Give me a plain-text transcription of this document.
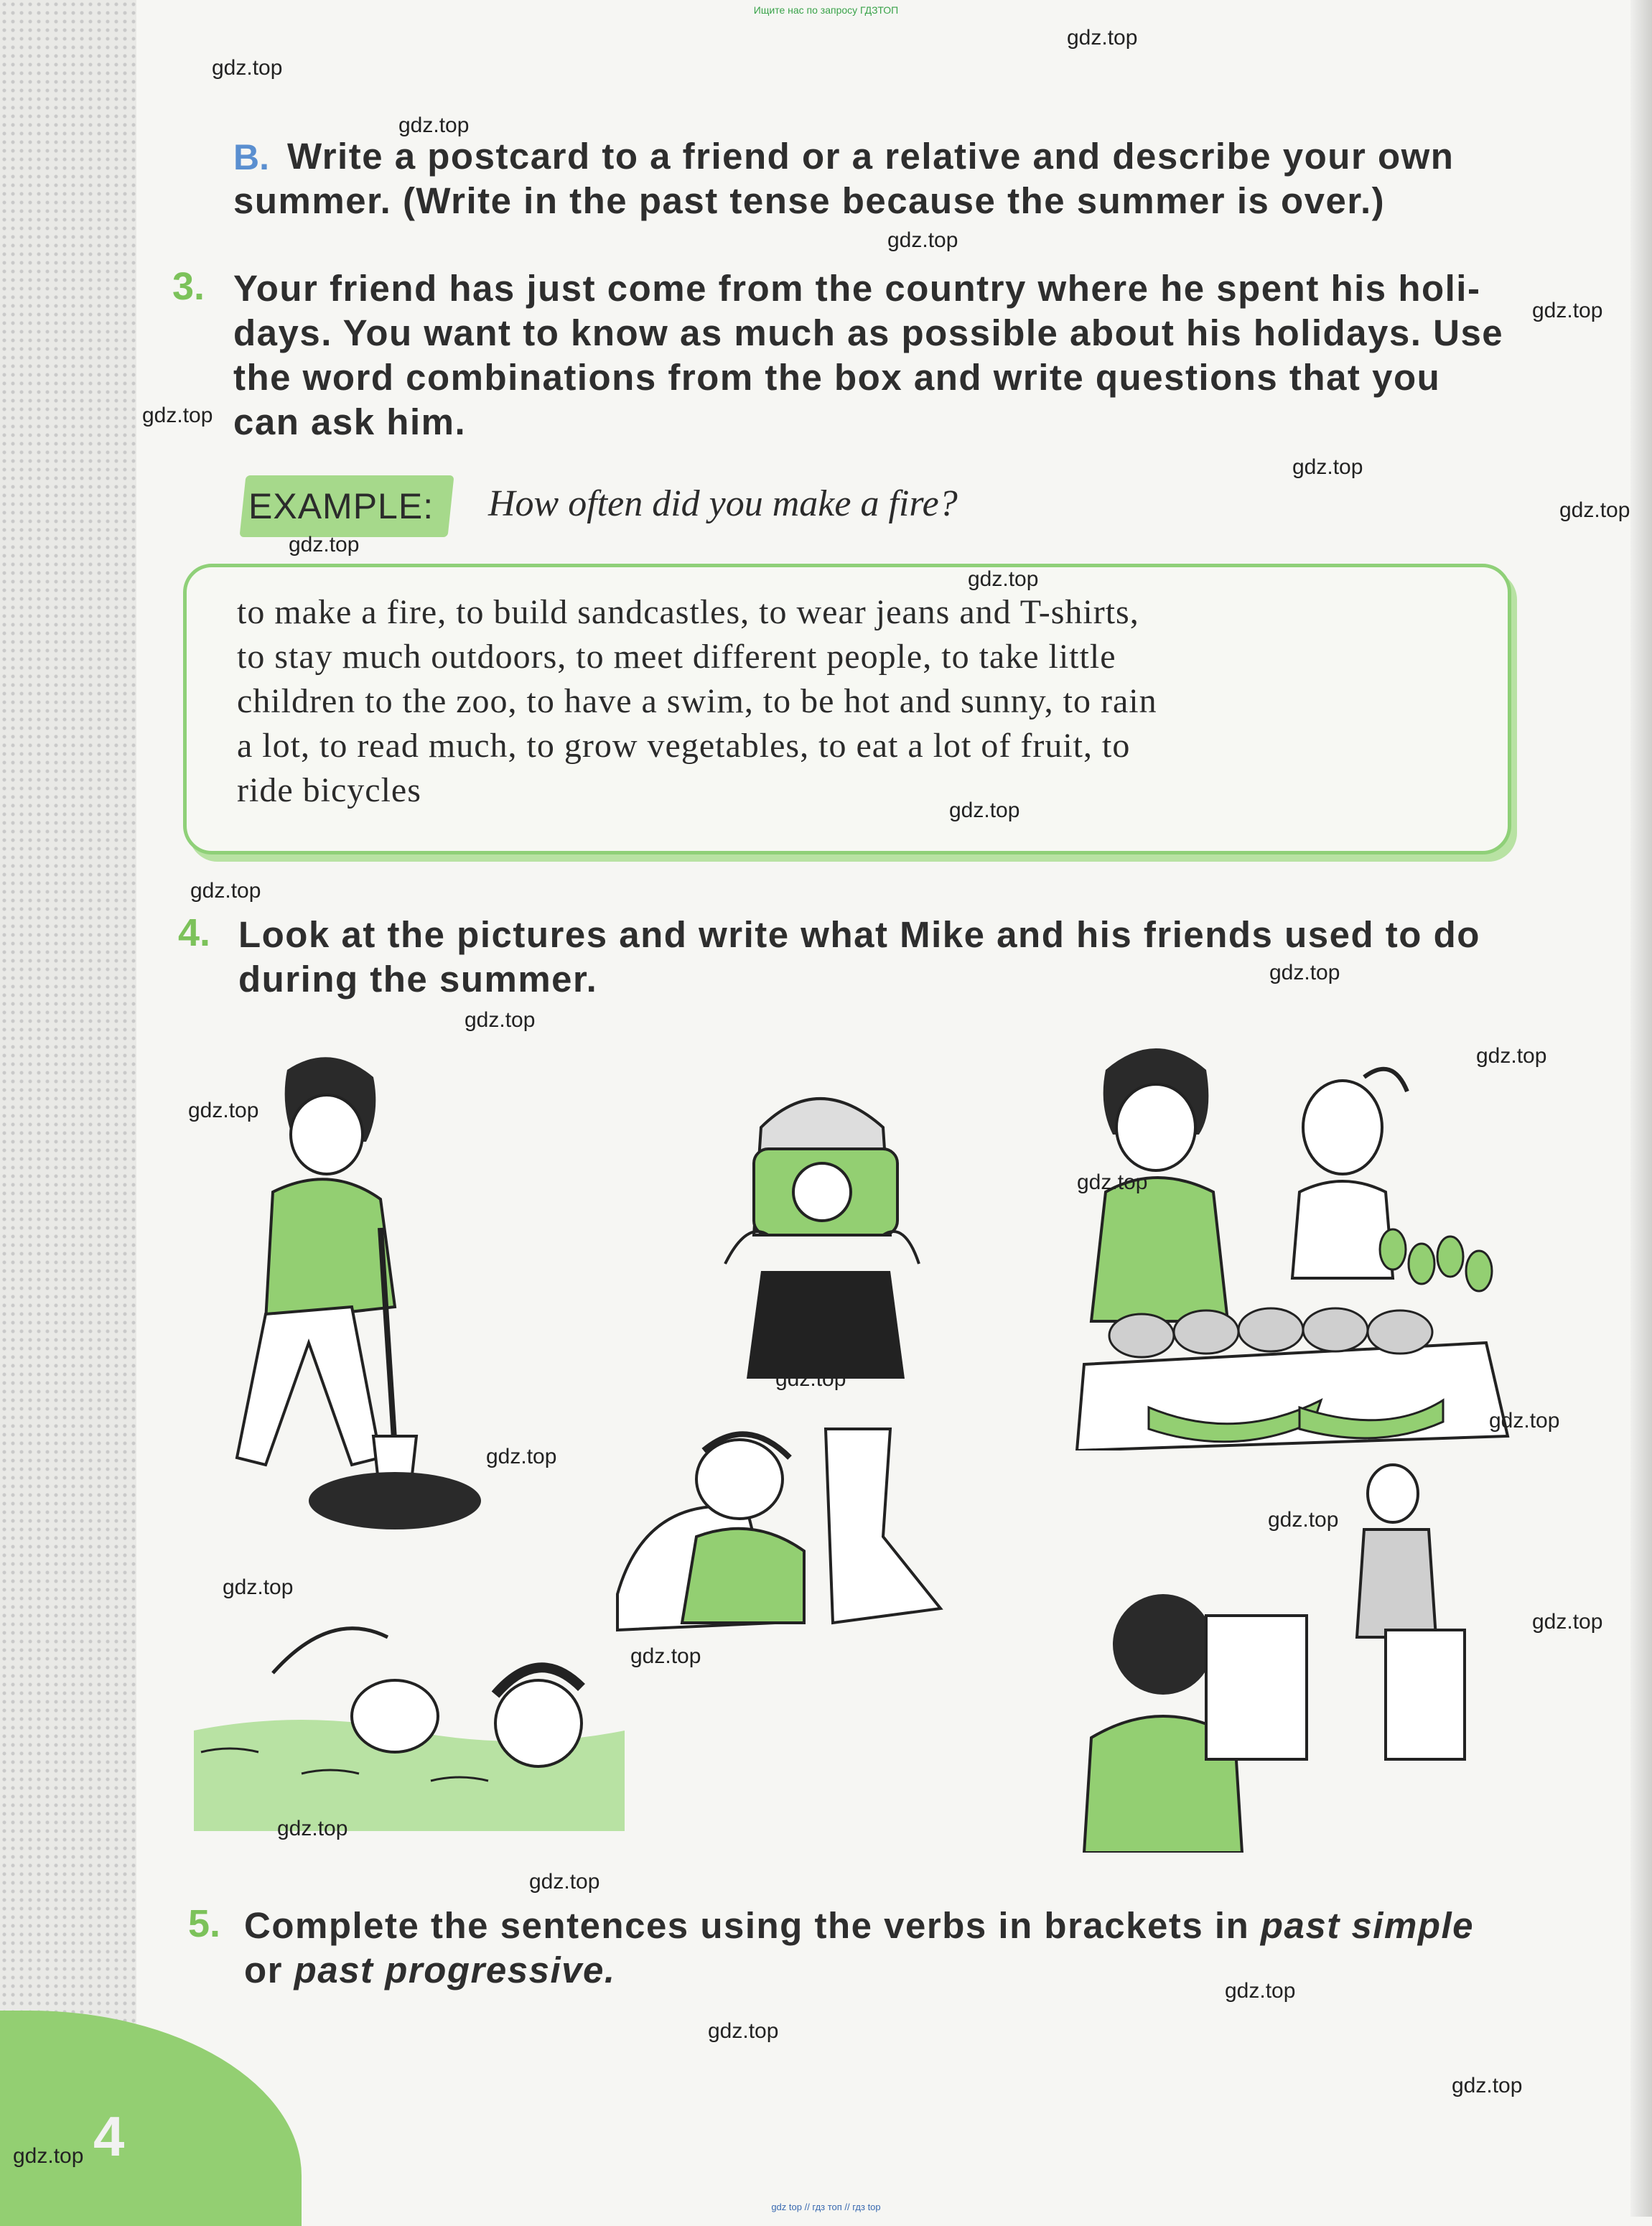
Ищите нас по запросу ГДЗТОП
B. Write a postcard to a friend or a relative and describe your own
summer. (Write in the past tense because the summer is over.)
3. Your friend has just come from the country where he spent his holi-
days. You want to know as much as possible about his holidays. Use
the word combinations from the box and write questions that you
can ask him.
EXAMPLE: How often did you make a fire?
to make a fire, to build sandcastles, to wear jeans and T-shirts,
to stay much outdoors, to meet different people, to take little
children to the zoo, to have a swim, to be hot and sunny, to rain
a lot, to read much, to grow vegetables, to eat a lot of fruit, to
ride bicycles
4. Look at the pictures and write what Mike and his friends used to do
during the summer.
5. Complete the sentences using the verbs in brackets in past simple
or past progressive.
4
gdz.top
gdz.top
gdz.top
gdz.top
gdz.top
gdz.top
gdz.top
gdz.top
gdz.top
gdz.top
gdz.top
gdz.top
gdz.top
gdz.top
gdz.top
gdz.top
gdz.top
gdz.top
gdz.top
gdz.top
gdz.top
gdz.top
gdz.top
gdz.top
gdz.top
gdz.top
gdz.top
gdz.top
gdz.top
gdz.top
gdz top // гдз топ // гдз top
